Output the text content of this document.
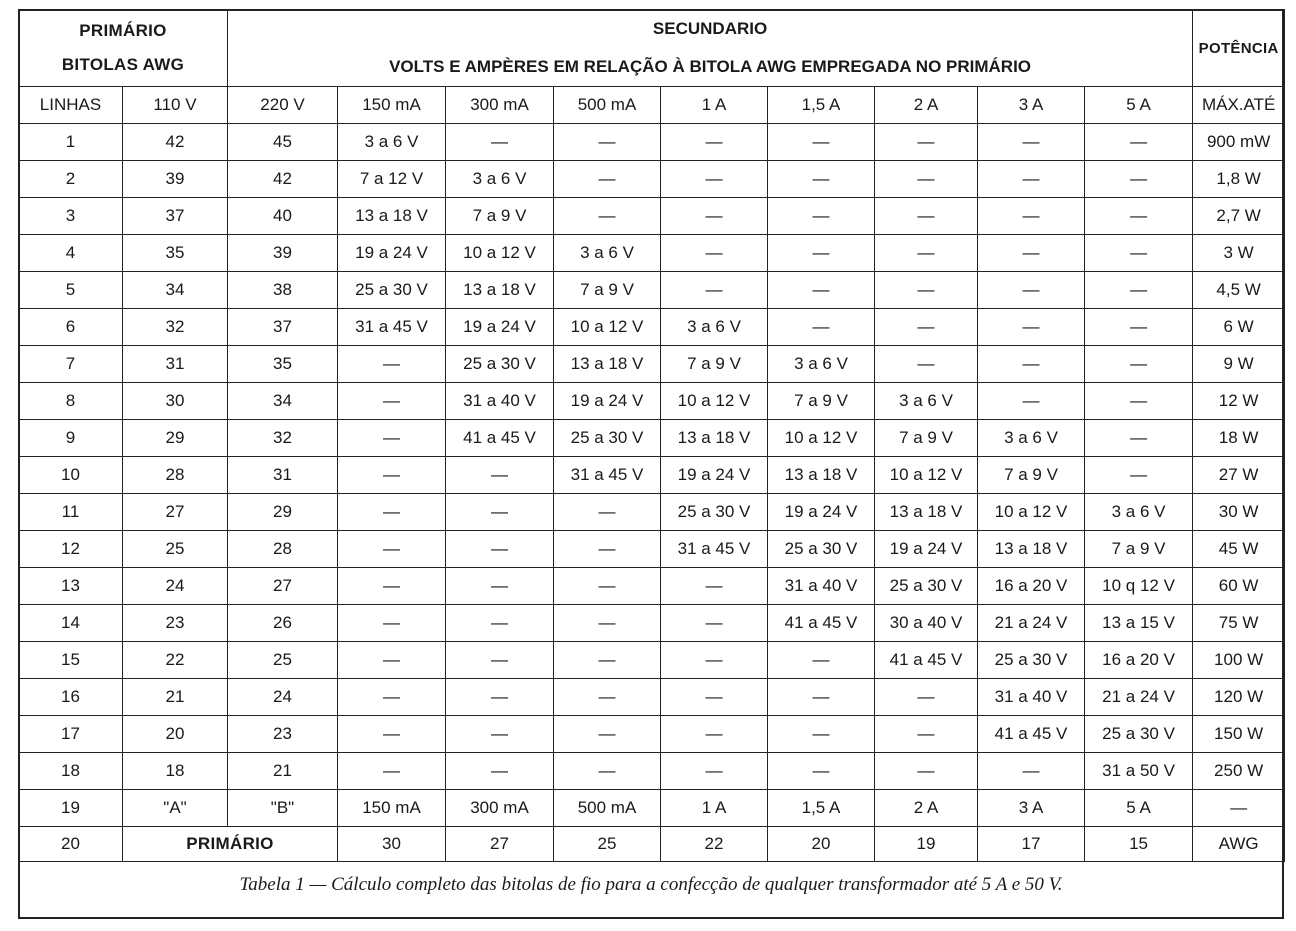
PRIMÁRIO
BITOLAS AWG		SECUNDARIO									POTÊNCIA
		VOLTS E AMPÈRES EM RELAÇÃO À BITOLA AWG EMPREGADA NO PRIMÁRIO									
LINHAS	110 V	220 V	150 mA	300 mA	500 mA	1 A	1,5 A	2 A	3 A	5 A	MÁX.ATÉ
1	42	45	3 a 6 V	—	—	—	—	—	—	—	900 mW
2	39	42	7 a 12 V	3 a 6 V	—	—	—	—	—	—	1,8 W
3	37	40	13 a 18 V	7 a 9 V	—	—	—	—	—	—	2,7 W
4	35	39	19 a 24 V	10 a 12 V	3 a 6 V	—	—	—	—	—	3 W
5	34	38	25 a 30 V	13 a 18 V	7 a 9 V	—	—	—	—	—	4,5 W
6	32	37	31 a 45 V	19 a 24 V	10 a 12 V	3 a 6 V	—	—	—	—	6 W
7	31	35	—	25 a 30 V	13 a 18 V	7 a 9 V	3 a 6 V	—	—	—	9 W
8	30	34	—	31 a 40 V	19 a 24 V	10 a 12 V	7 a 9 V	3 a 6 V	—	—	12 W
9	29	32	—	41 a 45 V	25 a 30 V	13 a 18 V	10 a 12 V	7 a 9 V	3 a 6 V	—	18 W
10	28	31	—	—	31 a 45 V	19 a 24 V	13 a 18 V	10 a 12 V	7 a 9 V	—	27 W
11	27	29	—	—	—	25 a 30 V	19 a 24 V	13 a 18 V	10 a 12 V	3 a 6 V	30 W
12	25	28	—	—	—	31 a 45 V	25 a 30 V	19 a 24 V	13 a 18 V	7 a 9 V	45 W
13	24	27	—	—	—	—	31 a 40 V	25 a 30 V	16 a 20 V	10 q 12 V	60 W
14	23	26	—	—	—	—	41 a 45 V	30 a 40 V	21 a 24 V	13 a 15 V	75 W
15	22	25	—	—	—	—	—	41 a 45 V	25 a 30 V	16 a 20 V	100 W
16	21	24	—	—	—	—	—	—	31 a 40 V	21 a 24 V	120 W
17	20	23	—	—	—	—	—	—	41 a 45 V	25 a 30 V	150 W
18	18	21	—	—	—	—	—	—	—	31 a 50 V	250 W
19	"A"	"B"	150 mA	300 mA	500 mA	1 A	1,5 A	2 A	3 A	5 A	—
20	PRIMÁRIO		30	27	25	22	20	19	17	15	AWG
Tabela 1 — Cálculo completo das bitolas de fio para a confecção de qualquer transformador até 5 A e 50 V.
